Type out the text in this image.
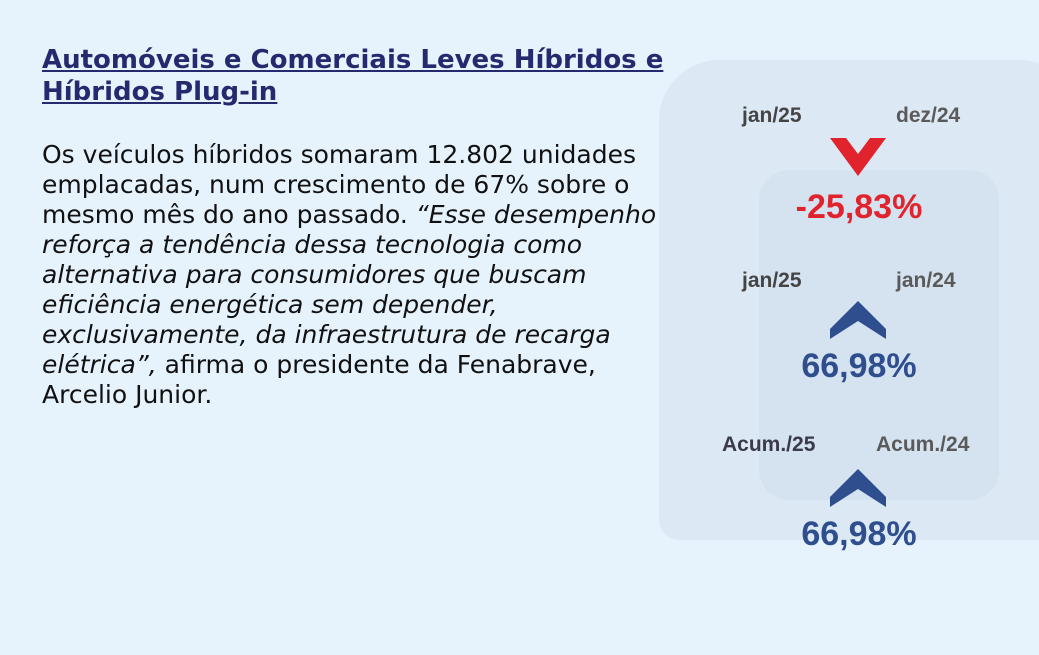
Automóveis e Comerciais Leves Híbridos e Híbridos Plug-in

Os veículos híbridos somaram 12.802 unidades emplacadas, num crescimento de 67% sobre o mesmo mês do ano passado. “Esse desempenho reforça a tendência dessa tecnologia como alternativa para consumidores que buscam eficiência energética sem depender, exclusivamente, da infraestrutura de recarga elétrica”, afirma o presidente da Fenabrave, Arcelio Junior.

jan/25	dez/24
-25,83%
jan/25	jan/24
66,98%
Acum./25	Acum./24
66,98%
